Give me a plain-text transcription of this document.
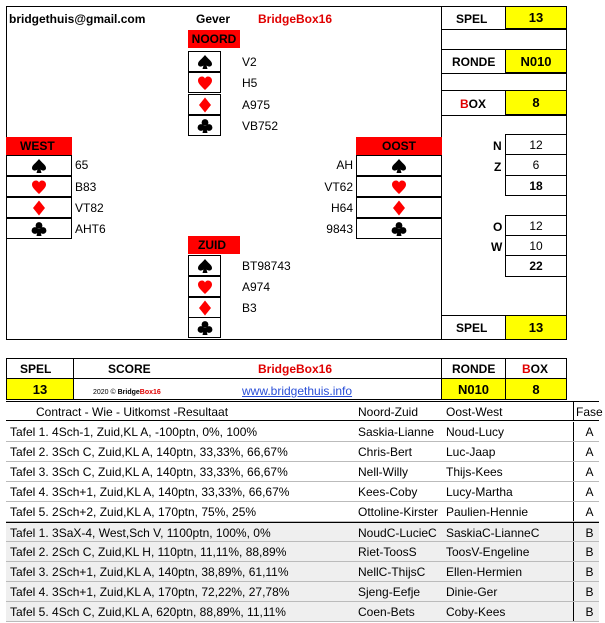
bridgethuis@gmail.com	Gever BridgeBox16
NOORD
V2
H5
A975
VB752
WEST
65
B83
VT82
AHT6
OOST
AH
VT62
H64
9843
ZUID
BT98743
A974
B3
SPEL	13
RONDE	N010
BOX	8
N	12
Z	6
18
O	12
W	10
22
SPEL	13
SPEL	SCORE	BridgeBox16	RONDE BOX
13	2020 © BridgeBox16	www.bridgethuis.info	N010	8
Contract - Wie - Uitkomst -Resultaat	Noord-Zuid Oost-West	Fase
Tafel 1. 4Sch-1, Zuid,KL A, -100ptn, 0%, 100%	Saskia-Lianne Noud-Lucy	A
Tafel 2. 3Sch C, Zuid,KL A, 140ptn, 33,33%, 66,67%	Chris-Bert	Luc-Jaap	A
Tafel 3. 3Sch C, Zuid,KL A, 140ptn, 33,33%, 66,67%	Nell-Willy	Thijs-Kees	A
Tafel 4. 3Sch+1, Zuid,KL A, 140ptn, 33,33%, 66,67%	Kees-Coby Lucy-Martha	A
Tafel 5. 2Sch+2, Zuid,KL A, 170ptn, 75%, 25%	Ottoline-Kirster Paulien-Hennie	A
Tafel 1. 3SaX-4, West,Sch V, 1100ptn, 100%, 0%	NoudC-LucieC SaskiaC-LianneC	B
Tafel 2. 2Sch C, Zuid,KL H, 110ptn, 11,11%, 88,89%	Riet-ToosS ToosV-Engeline	B
Tafel 3. 2Sch+1, Zuid,KL A, 140ptn, 38,89%, 61,11%	NellC-ThijsC Ellen-Hermien	B
Tafel 4. 3Sch+1, Zuid,KL A, 170ptn, 72,22%, 27,78%	Sjeng-Eefje Dinie-Ger	B
Tafel 5. 4Sch C, Zuid,KL A, 620ptn, 88,89%, 11,11%	Coen-Bets	Coby-Kees	B
